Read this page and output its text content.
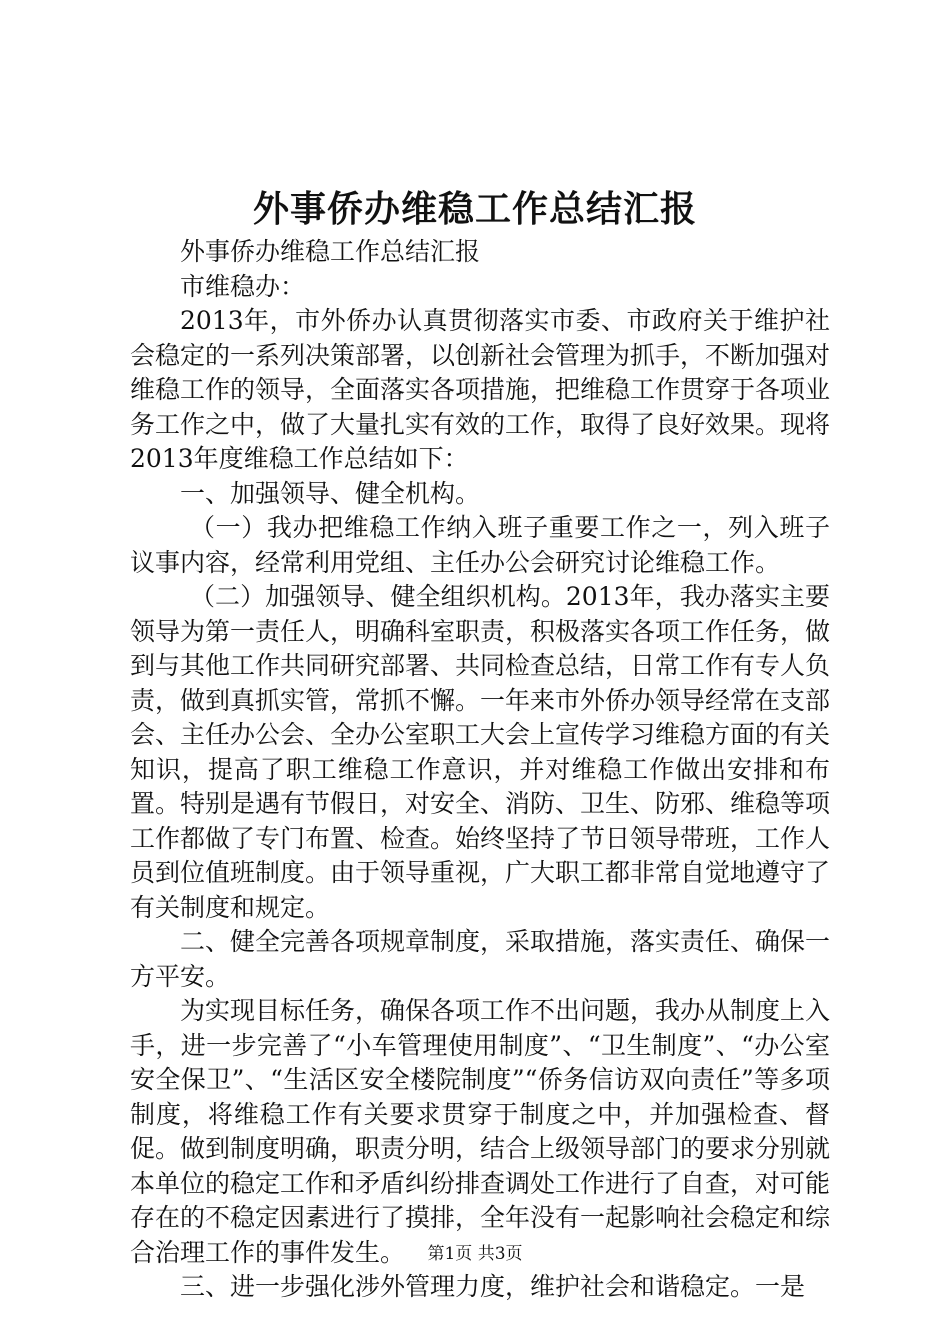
外事侨办维稳工作总结汇报

外事侨办维稳工作总结汇报

市维稳办：

2013年，市外侨办认真贯彻落实市委、市政府关于维护社会稳定的一系列决策部署，以创新社会管理为抓手，不断加强对维稳工作的领导，全面落实各项措施，把维稳工作贯穿于各项业务工作之中，做了大量扎实有效的工作，取得了良好效果。现将2013年度维稳工作总结如下：

一、加强领导、健全机构。

（一）我办把维稳工作纳入班子重要工作之一，列入班子议事内容，经常利用党组、主任办公会研究讨论维稳工作。

（二）加强领导、健全组织机构。2013年，我办落实主要领导为第一责任人，明确科室职责，积极落实各项工作任务，做到与其他工作共同研究部署、共同检查总结，日常工作有专人负责，做到真抓实管，常抓不懈。一年来市外侨办领导经常在支部会、主任办公会、全办公室职工大会上宣传学习维稳方面的有关知识，提高了职工维稳工作意识，并对维稳工作做出安排和布置。特别是遇有节假日，对安全、消防、卫生、防邪、维稳等项工作都做了专门布置、检查。始终坚持了节日领导带班，工作人员到位值班制度。由于领导重视，广大职工都非常自觉地遵守了有关制度和规定。

二、健全完善各项规章制度，采取措施，落实责任、确保一方平安。

为实现目标任务，确保各项工作不出问题，我办从制度上入手，进一步完善了“小车管理使用制度”、“卫生制度”、“办公室安全保卫”、“生活区安全楼院制度”“侨务信访双向责任”等多项制度，将维稳工作有关要求贯穿于制度之中，并加强检查、督促。做到制度明确，职责分明，结合上级领导部门的要求分别就本单位的稳定工作和矛盾纠纷排查调处工作进行了自查，对可能存在的不稳定因素进行了摸排，全年没有一起影响社会稳定和综合治理工作的事件发生。

三、进一步强化涉外管理力度，维护社会和谐稳定。一是

第1页 共3页
